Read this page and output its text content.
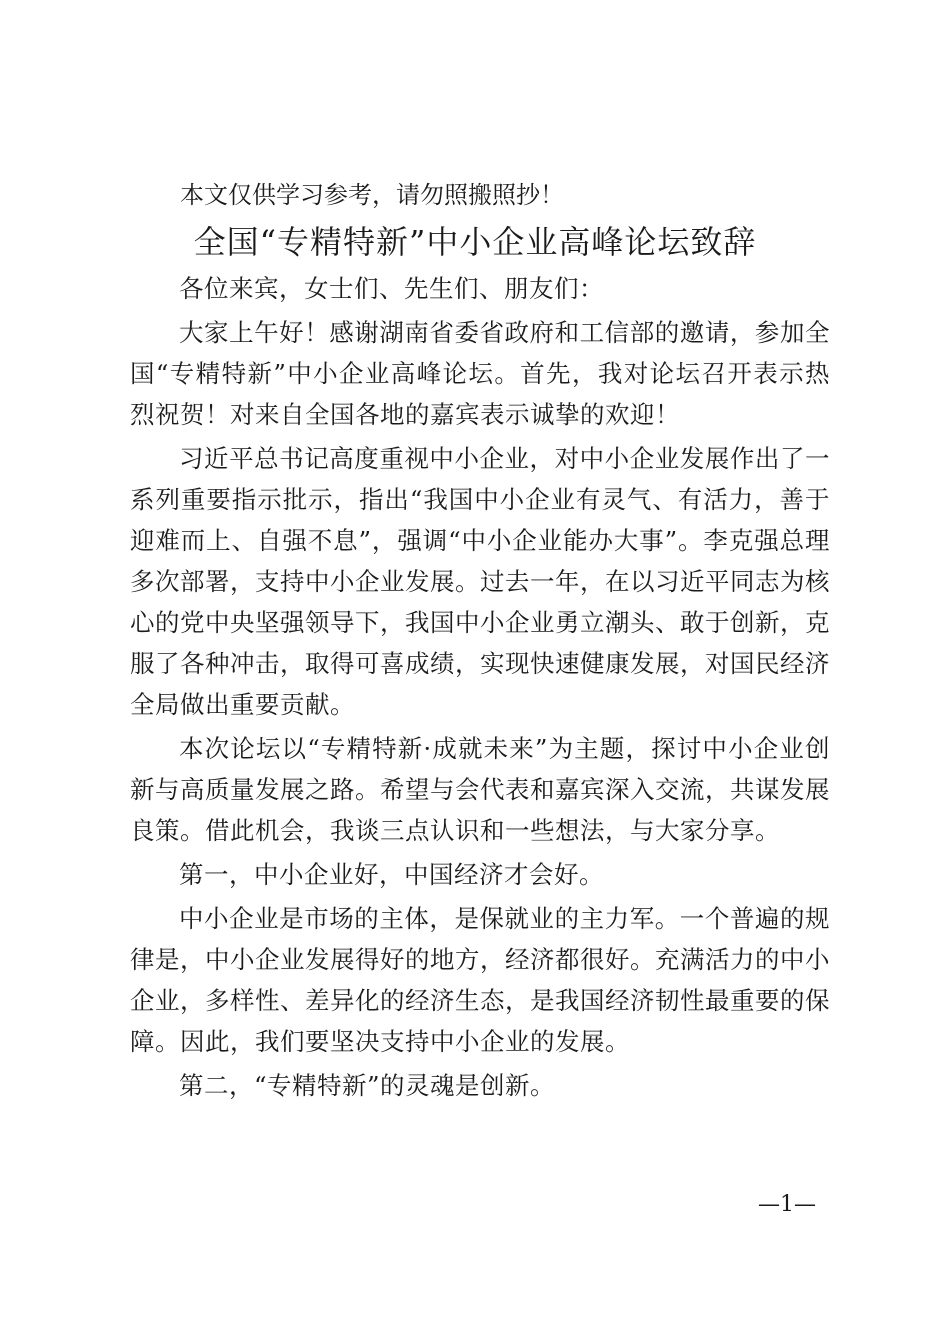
本文仅供学习参考，请勿照搬照抄！
全国“专精特新”中小企业高峰论坛致辞

各位来宾，女士们、先生们、朋友们：

大家上午好！感谢湖南省委省政府和工信部的邀请，参加全国“专精特新”中小企业高峰论坛。首先，我对论坛召开表示热烈祝贺！对来自全国各地的嘉宾表示诚挚的欢迎！

习近平总书记高度重视中小企业，对中小企业发展作出了一系列重要指示批示，指出“我国中小企业有灵气、有活力，善于迎难而上、自强不息”，强调“中小企业能办大事”。李克强总理多次部署，支持中小企业发展。过去一年，在以习近平同志为核心的党中央坚强领导下，我国中小企业勇立潮头、敢于创新，克服了各种冲击，取得可喜成绩，实现快速健康发展，对国民经济全局做出重要贡献。

本次论坛以“专精特新·成就未来”为主题，探讨中小企业创新与高质量发展之路。希望与会代表和嘉宾深入交流，共谋发展良策。借此机会，我谈三点认识和一些想法，与大家分享。

第一，中小企业好，中国经济才会好。

中小企业是市场的主体，是保就业的主力军。一个普遍的规律是，中小企业发展得好的地方，经济都很好。充满活力的中小企业，多样性、差异化的经济生态，是我国经济韧性最重要的保障。因此，我们要坚决支持中小企业的发展。

第二，“专精特新”的灵魂是创新。

—1—
